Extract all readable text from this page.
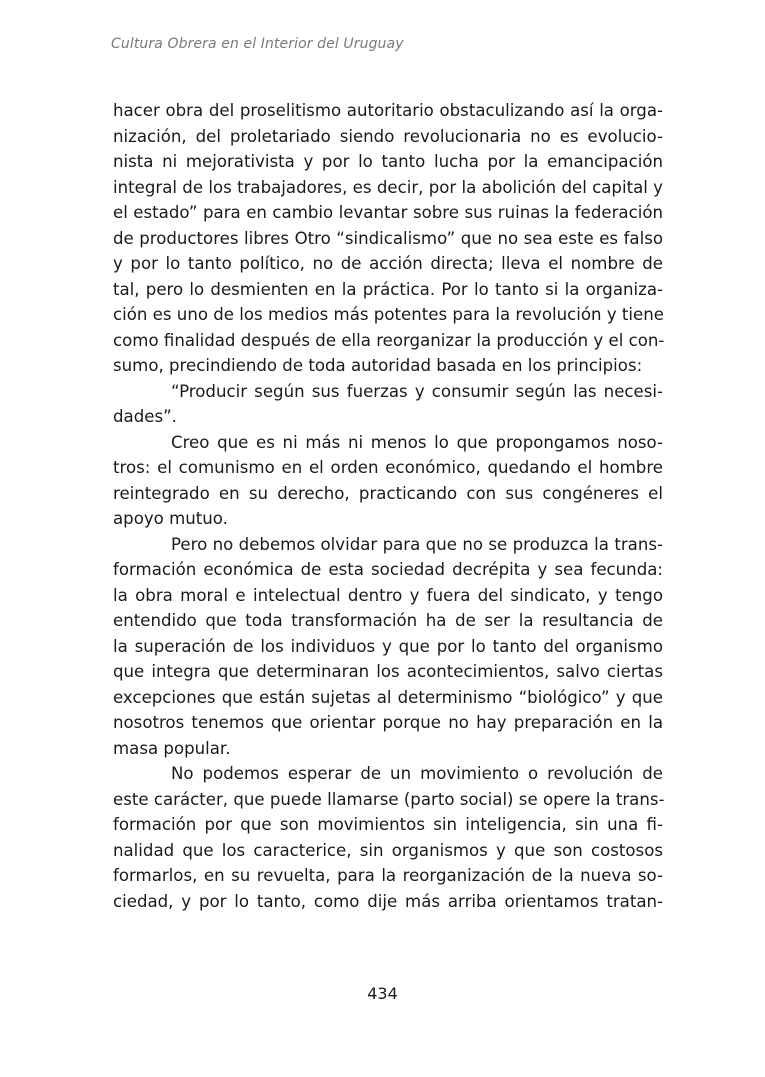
Cultura Obrera en el Interior del Uruguay
hacer obra del proselitismo autoritario obstaculizando así la orga-
nización, del proletariado siendo revolucionaria no es evolucio-
nista ni mejorativista y por lo tanto lucha por la emancipación
integral de los trabajadores, es decir, por la abolición del capital y
el estado” para en cambio levantar sobre sus ruinas la federación
de productores libres Otro “sindicalismo” que no sea este es falso
y por lo tanto político, no de acción directa; lleva el nombre de
tal, pero lo desmienten en la práctica. Por lo tanto si la organiza-
ción es uno de los medios más potentes para la revolución y tiene
como finalidad después de ella reorganizar la producción y el con-
sumo, precindiendo de toda autoridad basada en los principios:
“Producir según sus fuerzas y consumir según las necesi-
dades”.
Creo que es ni más ni menos lo que propongamos noso-
tros: el comunismo en el orden económico, quedando el hombre
reintegrado en su derecho, practicando con sus congéneres el
apoyo mutuo.
Pero no debemos olvidar para que no se produzca la trans-
formación económica de esta sociedad decrépita y sea fecunda:
la obra moral e intelectual dentro y fuera del sindicato, y tengo
entendido que toda transformación ha de ser la resultancia de
la superación de los individuos y que por lo tanto del organismo
que integra que determinaran los acontecimientos, salvo ciertas
excepciones que están sujetas al determinismo “biológico” y que
nosotros tenemos que orientar porque no hay preparación en la
masa popular.
No podemos esperar de un movimiento o revolución de
este carácter, que puede llamarse (parto social) se opere la trans-
formación por que son movimientos sin inteligencia, sin una fi-
nalidad que los caracterice, sin organismos y que son costosos
formarlos, en su revuelta, para la reorganización de la nueva so-
ciedad, y por lo tanto, como dije más arriba orientamos tratan-
434
